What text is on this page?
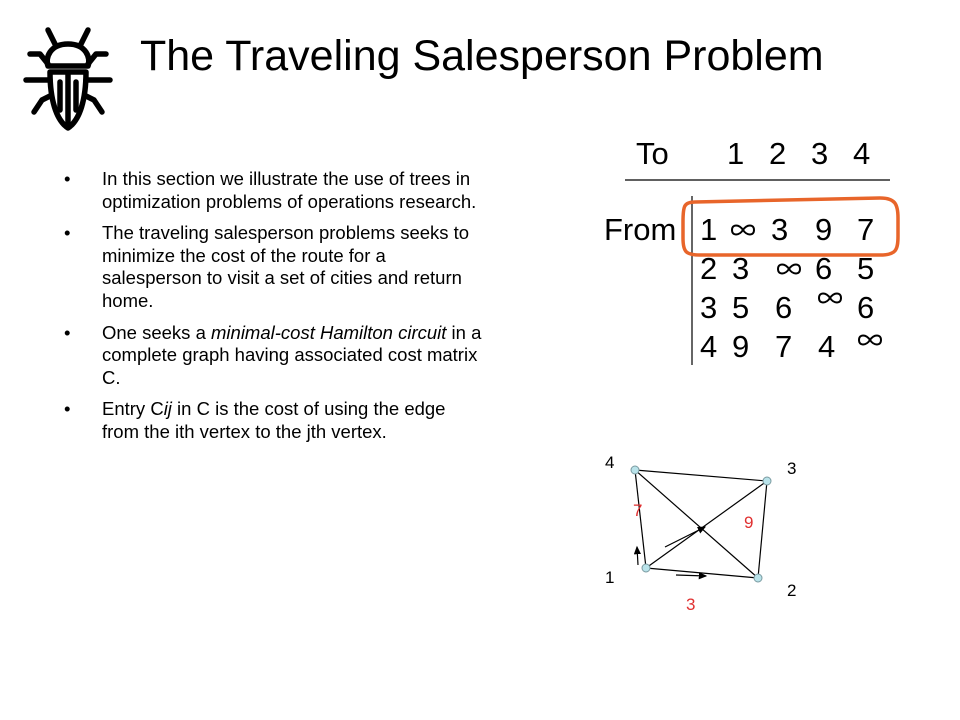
The Traveling Salesperson Problem
• In this section we illustrate the use of trees in optimization problems of operations research.
• The traveling salesperson problems seeks to minimize the cost of the route for a salesperson to visit a set of cities and return home.
• One seeks a minimal-cost Hamilton circuit in a complete graph having associated cost matrix C.
• Entry Cij in C is the cost of using the edge from the ith vertex to the jth vertex.
To 1 2 3 4
From 1
2
3
4
3 9 7
3 6 5
5 6 6
9 7 4
1
2
3
4
3
7
9
